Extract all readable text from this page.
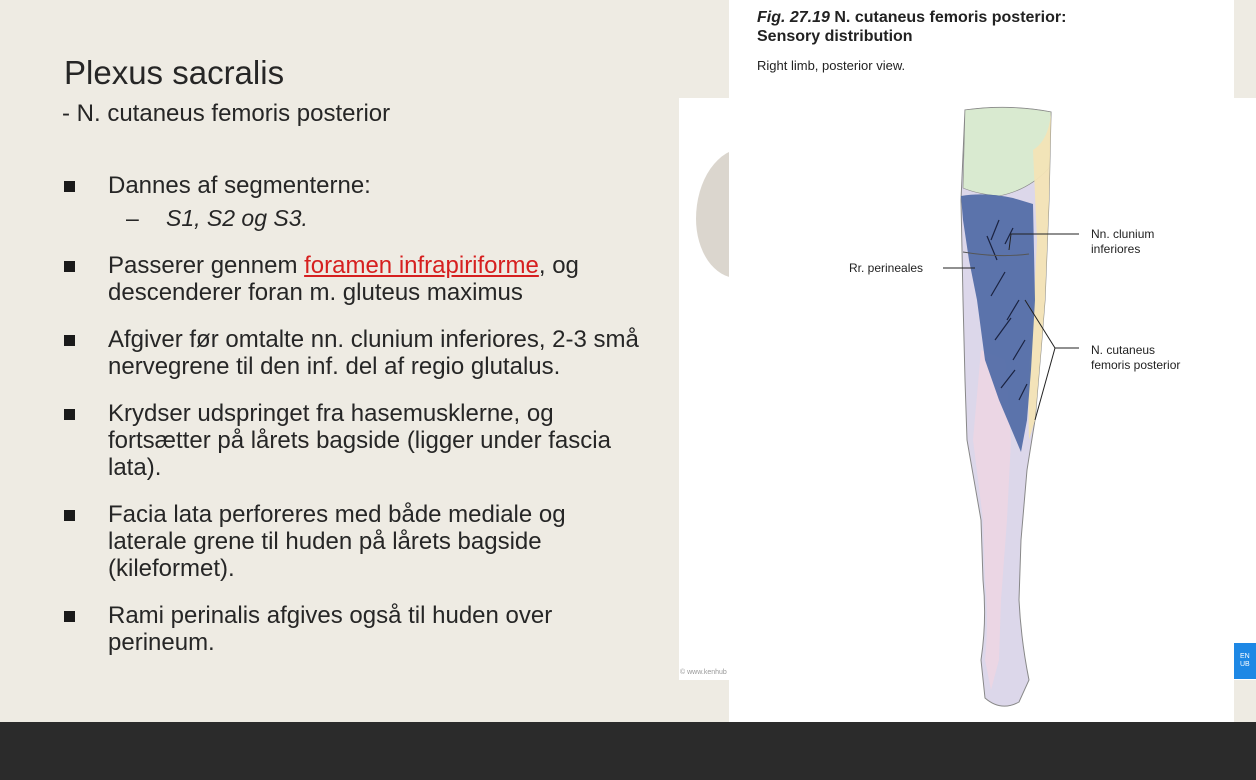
Plexus sacralis
- N. cutaneus femoris posterior
Dannes af segmenterne:
– S1, S2 og S3.
Passerer gennem foramen infrapiriforme, og descenderer foran m. gluteus maximus
Afgiver før omtalte nn. clunium inferiores, 2-3 små nervegrene til den inf. del af regio glutalus.
Krydser udspringet fra hasemusklerne, og fortsætter på lårets bagside (ligger under fascia lata).
Facia lata perforeres med både mediale og laterale grene til huden på lårets bagside (kileformet).
Rami perinalis afgives også til huden over perineum.
© www.kenhub
Fig. 27.19 N. cutaneus femoris posterior:
Sensory distribution
Right limb, posterior view.
Nn. clunium
inferiores
Rr. perineales
N. cutaneus
femoris posterior
EN
UB
